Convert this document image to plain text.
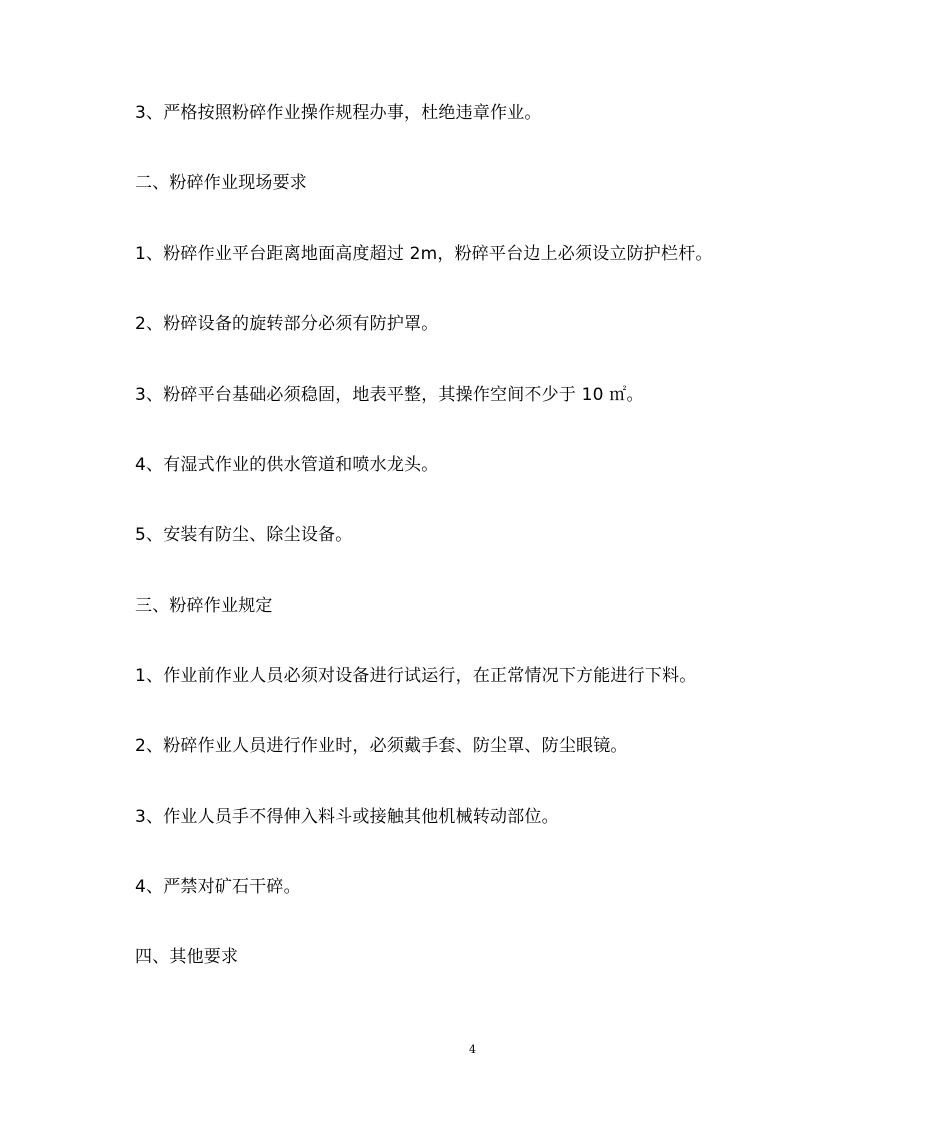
3、严格按照粉碎作业操作规程办事，杜绝违章作业。
二、粉碎作业现场要求
1、粉碎作业平台距离地面高度超过 2m，粉碎平台边上必须设立防护栏杆。
2、粉碎设备的旋转部分必须有防护罩。
3、粉碎平台基础必须稳固，地表平整，其操作空间不少于 10 ㎡。
4、有湿式作业的供水管道和喷水龙头。
5、安装有防尘、除尘设备。
三、粉碎作业规定
1、作业前作业人员必须对设备进行试运行，在正常情况下方能进行下料。
2、粉碎作业人员进行作业时，必须戴手套、防尘罩、防尘眼镜。
3、作业人员手不得伸入料斗或接触其他机械转动部位。
4、严禁对矿石干碎。
四、其他要求
4
